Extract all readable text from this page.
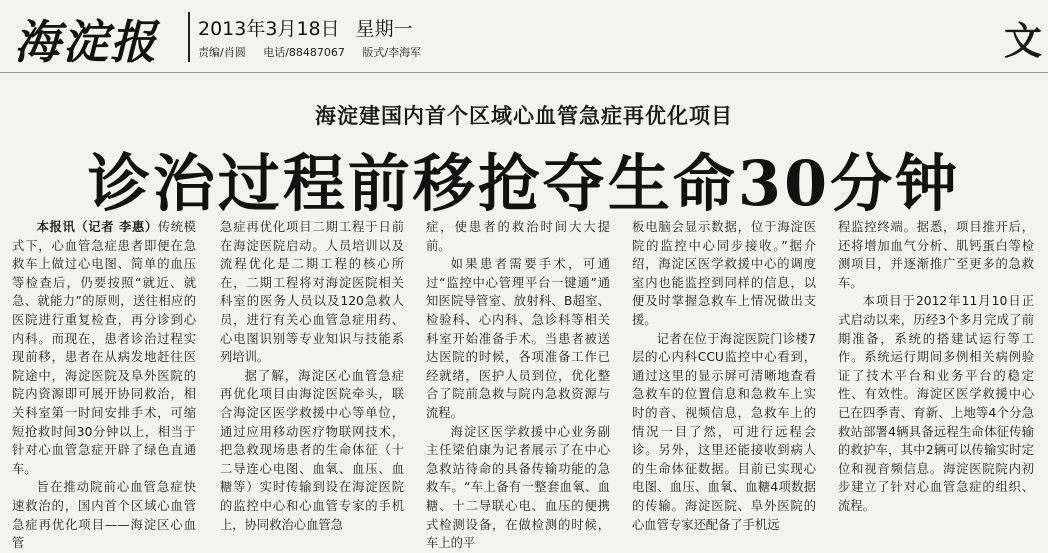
海淀报 2013年3月18日 星期一
责编/肖圆 电话/88487067 版式/李海军	文
海淀建国内首个区域心血管急症再优化项目
诊治过程前移抢夺生命30分钟

本报讯（记者 李惠）传统模式下，心血管急症患者即便在急救车上做过心电图、简单的血压等检查后，仍要按照“就近、就急、就能力”的原则，送往相应的医院进行重复检查，再分诊到心内科。而现在，患者诊治过程实现前移，患者在从病发地赶往医院途中，海淀医院及阜外医院的院内资源即可展开协同救治，相关科室第一时间安排手术，可缩短抢救时间30分钟以上，相当于针对心血管急症开辟了绿色直通车。

旨在推动院前心血管急症快速救治的，国内首个区域心血管急症再优化项目——海淀区心血管

急症再优化项目二期工程于日前在海淀医院启动。人员培训以及流程优化是二期工程的核心所在，二期工程将对海淀医院相关科室的医务人员以及120急救人员，进行有关心血管急症用药、心电图识别等专业知识与技能系列培训。

据了解，海淀区心血管急症再优化项目由海淀医院牵头，联合海淀区医学救援中心等单位，通过应用移动医疗物联网技术，把急救现场患者的生命体征（十二导连心电图、血氧、血压、血糖等）实时传输到设在海淀医院的监控中心和心血管专家的手机上，协同救治心血管急

症，使患者的救治时间大大提前。

如果患者需要手术，可通过“监控中心管理平台一键通”通知医院导管室、放射科、B超室、检验科、心内科、急诊科等相关科室开始准备手术。当患者被送达医院的时候，各项准备工作已经就绪，医护人员到位，优化整合了院前急救与院内急救资源与流程。

海淀区医学救援中心业务副主任梁伯康为记者展示了在中心急救站待命的具备传输功能的急救车。“车上备有一整套血氧、血糖、十二导联心电、血压的便携式检测设备，在做检测的时候，车上的平

板电脑会显示数据，位于海淀医院的监控中心同步接收。”据介绍，海淀区医学救援中心的调度室内也能监控到同样的信息，以便及时掌握急救车上情况做出支援。

记者在位于海淀医院门诊楼7层的心内科CCU监控中心看到，通过这里的显示屏可清晰地查看急救车的位置信息和急救车上实时的音、视频信息，急救车上的情况一目了然，可进行远程会诊。另外，这里还能接收到病人的生命体征数据。目前已实现心电图、血压、血氧、血糖4项数据的传输。海淀医院、阜外医院的心血管专家还配备了手机远

程监控终端。据悉，项目推开后，还将增加血气分析、肌钙蛋白等检测项目，并逐渐推广至更多的急救车。

本项目于2012年11月10日正式启动以来，历经3个多月完成了前期准备，系统的搭建试运行等工作。系统运行期间多例相关病例验证了技术平台和业务平台的稳定性、有效性。海淀区医学救援中心已在四季青、育新、上地等4个分急救站部署4辆具备远程生命体征传输的救护车，其中2辆可以传输实时定位和视音频信息。海淀医院院内初步建立了针对心血管急症的组织、流程。
